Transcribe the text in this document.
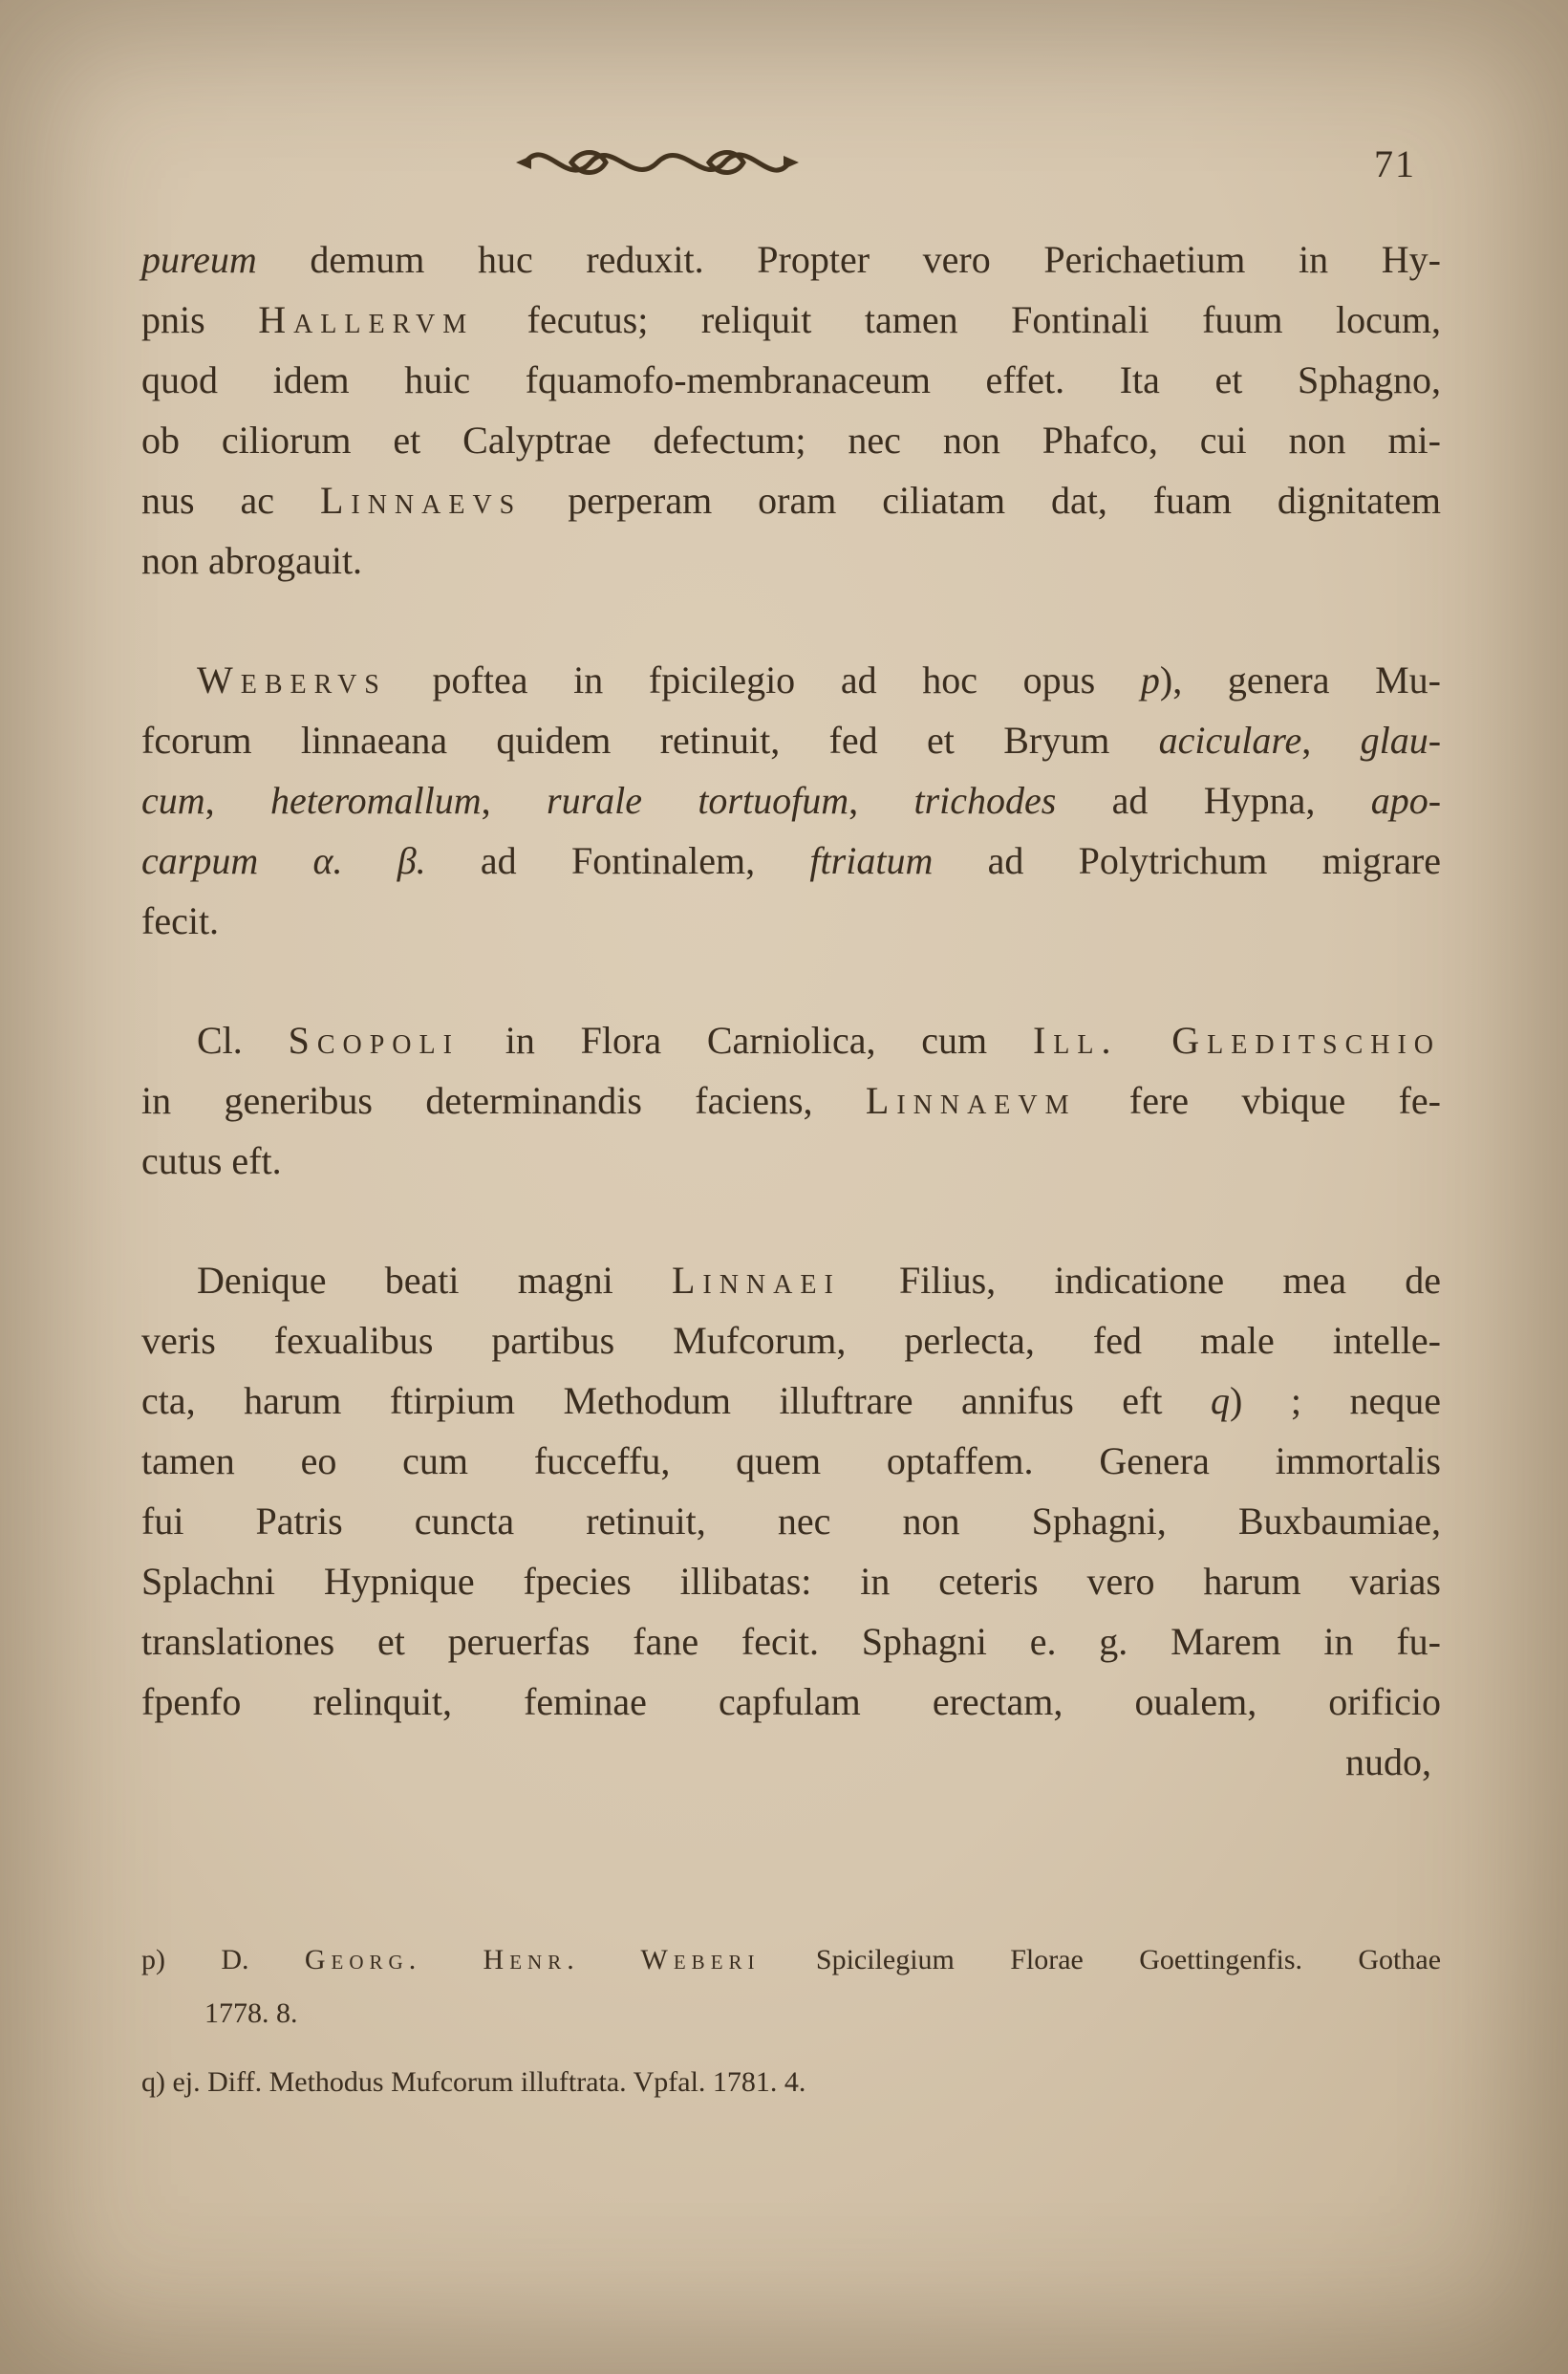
71

pureum demum huc reduxit. Propter vero Perichaetium in Hy-
pnis Hallervm fecutus; reliquit tamen Fontinali fuum locum,
quod idem huic fquamofo-membranaceum effet. Ita et Sphagno,
ob ciliorum et Calyptrae defectum; nec non Phafco, cui non mi-
nus ac Linnaevs perperam oram ciliatam dat, fuam dignitatem
non abrogauit.

Webervs poftea in fpicilegio ad hoc opus p), genera Mu-
fcorum linnaeana quidem retinuit, fed et Bryum aciculare, glau-
cum, heteromallum, rurale tortuofum, trichodes ad Hypna, apo-
carpum α. β. ad Fontinalem, ftriatum ad Polytrichum migrare
fecit.

Cl. Scopoli in Flora Carniolica, cum Ill. Gleditschio
in generibus determinandis faciens, Linnaevm fere vbique fe-
cutus eft.

Denique beati magni Linnaei Filius, indicatione mea de
veris fexualibus partibus Mufcorum, perlecta, fed male intelle-
cta, harum ftirpium Methodum illuftrare annifus eft q) ; neque
tamen eo cum fucceffu, quem optaffem. Genera immortalis
fui Patris cuncta retinuit, nec non Sphagni, Buxbaumiae,
Splachni Hypnique fpecies illibatas: in ceteris vero harum varias
translationes et peruerfas fane fecit. Sphagni e. g. Marem in fu-
fpenfo relinquit, feminae capfulam erectam, oualem, orificio
nudo,

p) D. Georg. Henr. Weberi Spicilegium Florae Goettingenfis. Gothae
1778. 8.
q) ej. Diff. Methodus Mufcorum illuftrata. Vpfal. 1781. 4.
